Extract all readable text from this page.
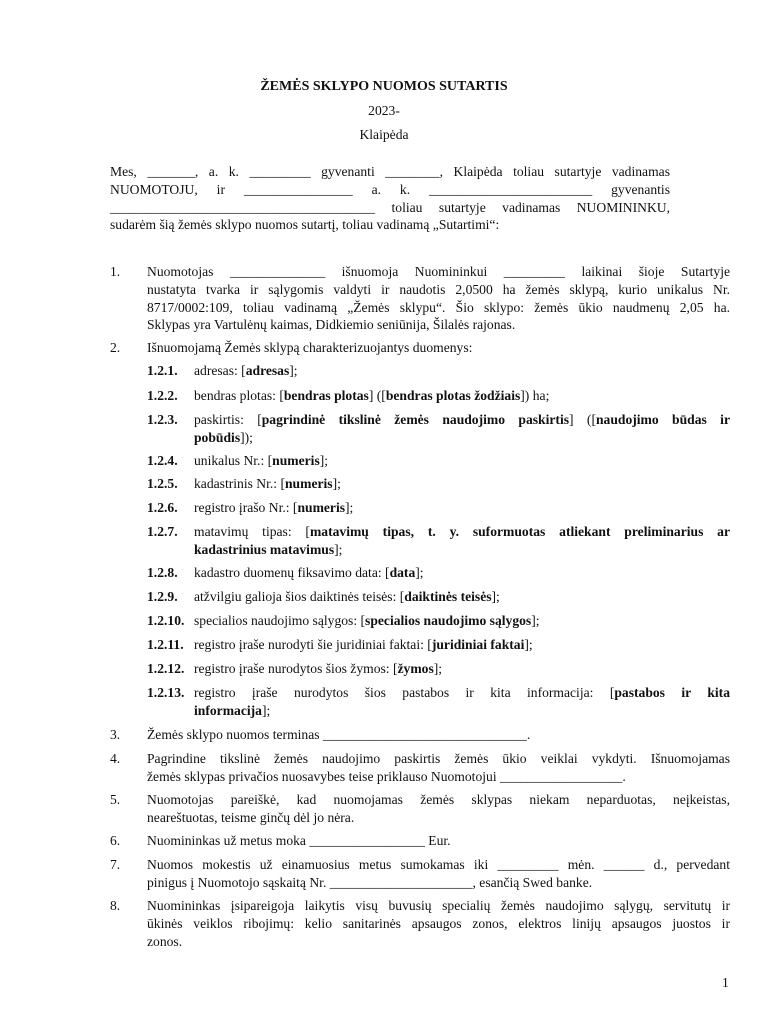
ŽEMĖS SKLYPO NUOMOS SUTARTIS
2023-
Klaipėda

Mes, _______, a. k. _________ gyvenanti ________, Klaipėda toliau sutartyje vadinamas

NUOMOTOJU, ir ________________ a. k. ________________________ gyvenantis

_______________________________________ toliau sutartyje vadinamas NUOMININKU,

sudarėm šią žemės sklypo nuomos sutartį, toliau vadinamą „Sutartimi“:

1. Nuomotojas ______________ išnuomoja Nuomininkui _________ laikinai šioje Sutartyje
nustatyta tvarka ir sąlygomis valdyti ir naudotis 2,0500 ha žemės sklypą, kurio unikalus Nr.
8717/0002:109, toliau vadinamą „Žemės sklypu“. Šio sklypo: žemės ūkio naudmenų 2,05 ha.
Sklypas yra Vartulėnų kaimas, Didkiemio seniūnija, Šilalės rajonas.
2. Išnuomojamą Žemės sklypą charakterizuojantys duomenys:
1.2.1. adresas: [adresas];
1.2.2. bendras plotas: [bendras plotas] ([bendras plotas žodžiais]) ha;
1.2.3. paskirtis: [pagrindinė tikslinė žemės naudojimo paskirtis] ([naudojimo būdas ir
pobūdis]);
1.2.4. unikalus Nr.: [numeris];
1.2.5. kadastrinis Nr.: [numeris];
1.2.6. registro įrašo Nr.: [numeris];
1.2.7. matavimų tipas: [matavimų tipas, t. y. suformuotas atliekant preliminarius ar
kadastrinius matavimus];
1.2.8. kadastro duomenų fiksavimo data: [data];
1.2.9. atžvilgiu galioja šios daiktinės teisės: [daiktinės teisės];
1.2.10. specialios naudojimo sąlygos: [specialios naudojimo sąlygos];
1.2.11. registro įraše nurodyti šie juridiniai faktai: [juridiniai faktai];
1.2.12. registro įraše nurodytos šios žymos: [žymos];
1.2.13. registro įraše nurodytos šios pastabos ir kita informacija: [pastabos ir kita
informacija];
3. Žemės sklypo nuomos terminas ______________________________.
4. Pagrindine tikslinė žemės naudojimo paskirtis žemės ūkio veiklai vykdyti. Išnuomojamas
žemės sklypas privačios nuosavybes teise priklauso Nuomotojui __________________.
5. Nuomotojas pareiškė, kad nuomojamas žemės sklypas niekam neparduotas, neįkeistas,
neareštuotas, teisme ginčų dėl jo nėra.
6. Nuomininkas už metus moka _________________ Eur.
7. Nuomos mokestis už einamuosius metus sumokamas iki _________ mėn. ______ d., pervedant
pinigus į Nuomotojo sąskaitą Nr. _____________________, esančią Swed banke.
8. Nuomininkas įsipareigoja laikytis visų buvusių specialių žemės naudojimo sąlygų, servitutų ir
ūkinės veiklos ribojimų: kelio sanitarinės apsaugos zonos, elektros linijų apsaugos juostos ir
zonos.
1
